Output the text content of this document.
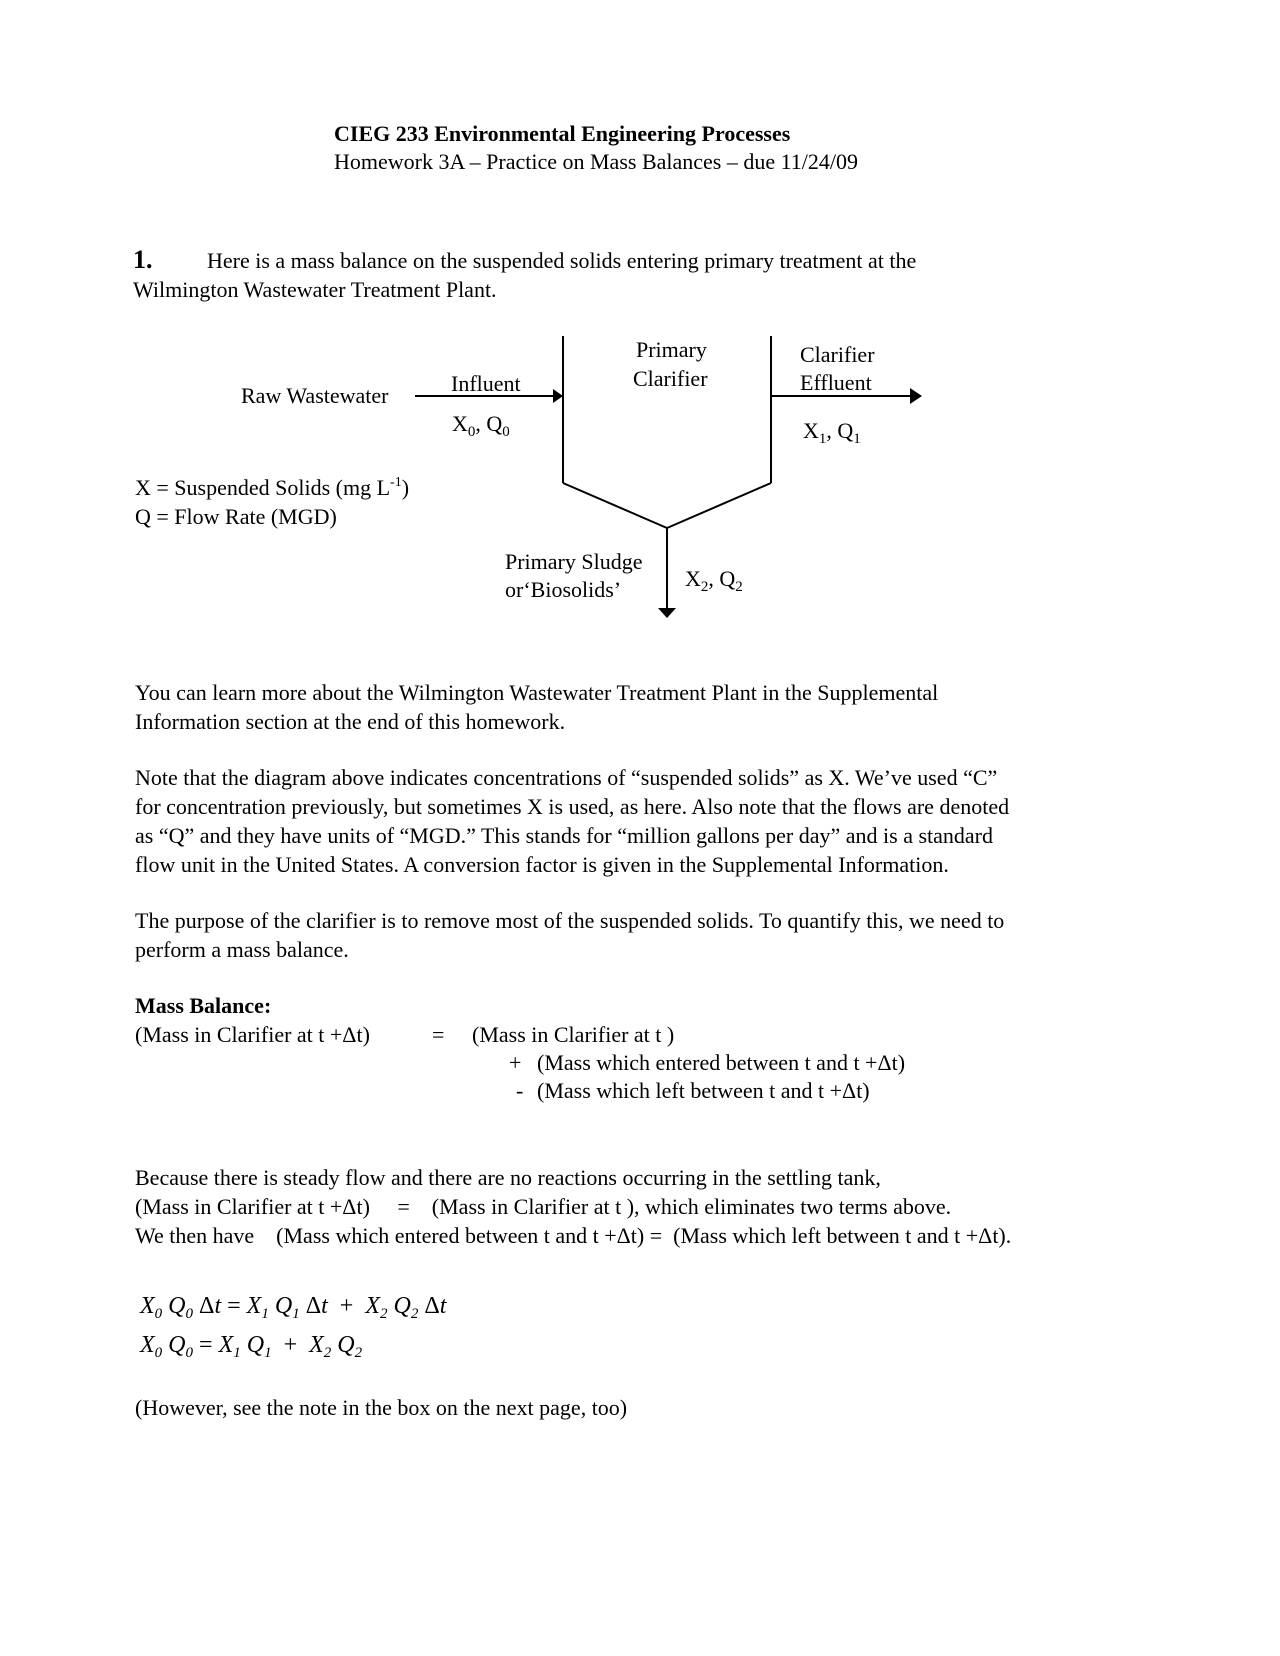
CIEG 233 Environmental Engineering Processes
Homework 3A – Practice on Mass Balances – due 11/24/09
1. Here is a mass balance on the suspended solids entering primary treatment at the
Wilmington Wastewater Treatment Plant.
Raw Wastewater	Influent
$X_0$, $Q_0$
Primary
Clarifier
Clarifier
Effluent
$X_1$, $Q_1$
Primary Sludge
or‘Biosolids’	$X_2$, $Q_2$
X = Suspended Solids (mg $L^{-1}$)
Q = Flow Rate (MGD)
You can learn more about the Wilmington Wastewater Treatment Plant in the Supplemental
Information section at the end of this homework.
Note that the diagram above indicates concentrations of “suspended solids” as X. We’ve used “C”
for concentration previously, but sometimes X is used, as here. Also note that the flows are denoted
as “Q” and they have units of “MGD.” This stands for “million gallons per day” and is a standard
flow unit in the United States. A conversion factor is given in the Supplemental Information.
The purpose of the clarifier is to remove most of the suspended solids. To quantify this, we need to
perform a mass balance.
Mass Balance:
(Mass in Clarifier at t +Δt)	= (Mass in Clarifier at t )
+ (Mass which entered between t and t +Δt)
- (Mass which left between t and t +Δt)
Because there is steady flow and there are no reactions occurring in the settling tank,
(Mass in Clarifier at t +Δt)     =    (Mass in Clarifier at t ), which eliminates two terms above.
We then have    (Mass which entered between t and t +Δt) =  (Mass which left between t and t +Δt).
$X_0$ $Q_0$ $\Delta t = X_1$ $Q_1$ $\Delta t + X_2$ $Q_2$ Δt
$X_0$ $Q_0 = X_1$ $Q_1 + X_2$ $Q_2$
(However, see the note in the box on the next page, too)
